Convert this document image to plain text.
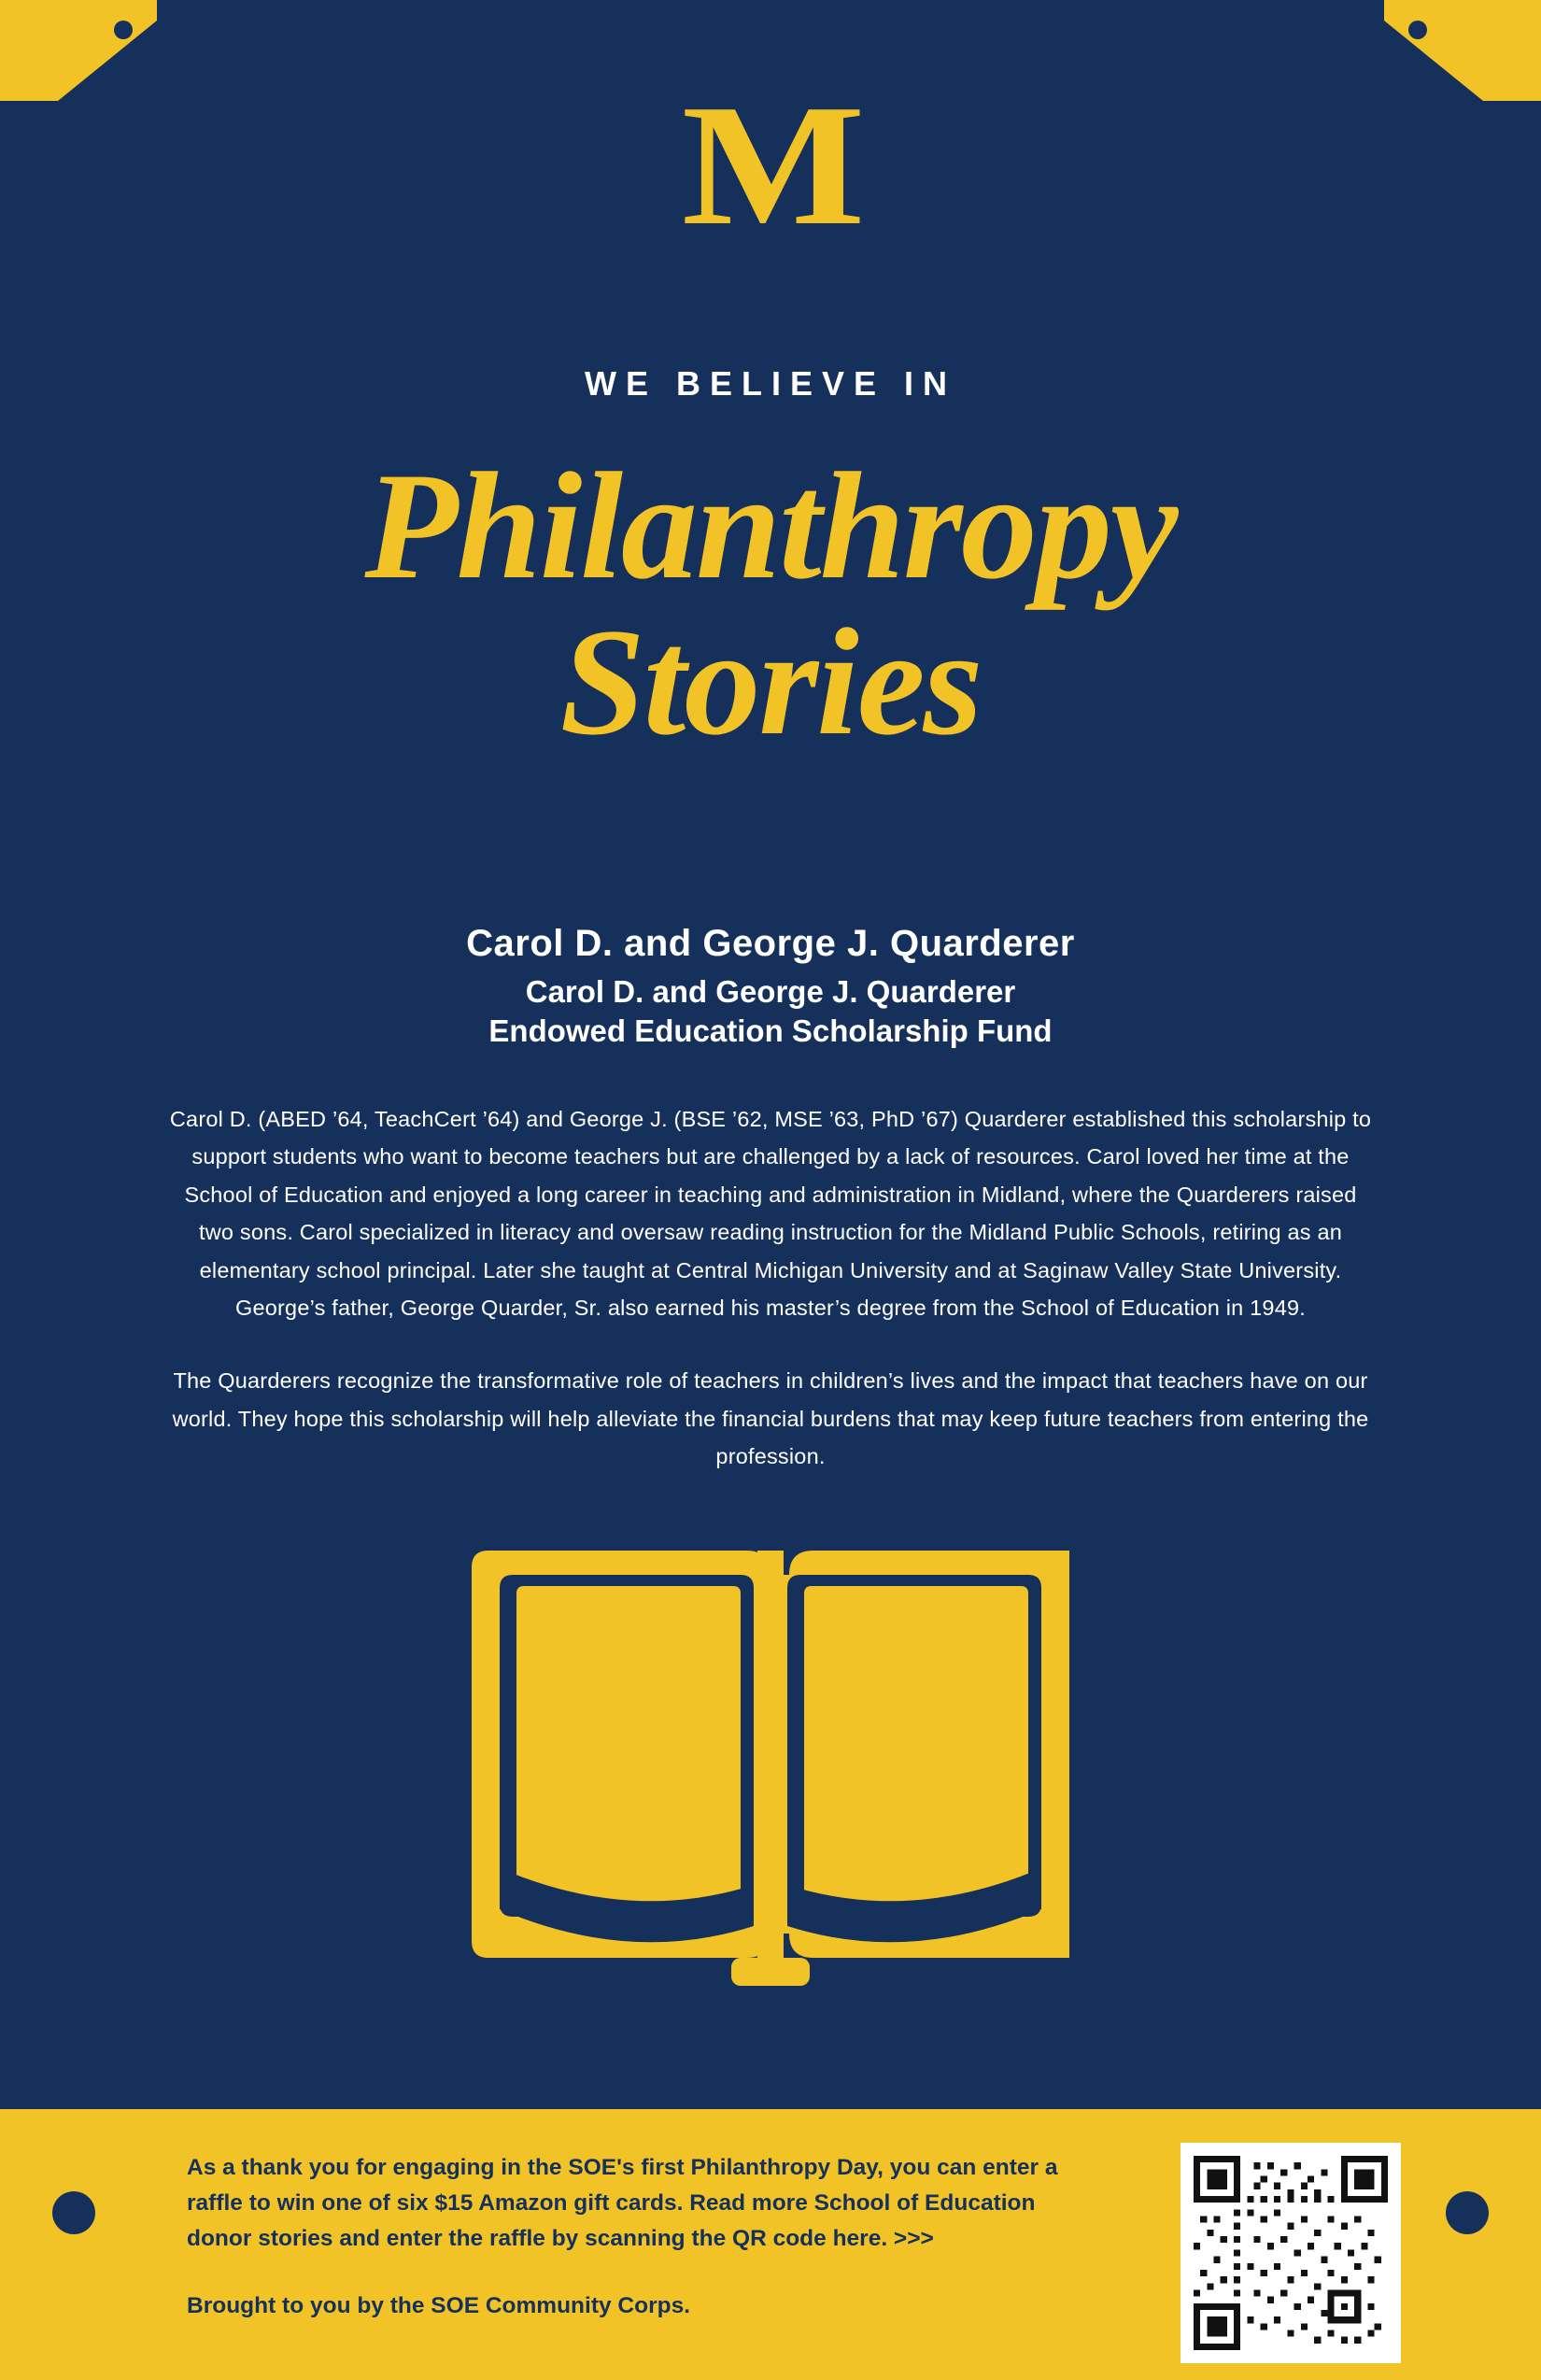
M
WE BELIEVE IN
Philanthropy
Stories
Carol D. and George J. Quarderer
Carol D. and George J. Quarderer
Endowed Education Scholarship Fund

Carol D. (ABED ’64, TeachCert ’64) and George J. (BSE ’62, MSE ’63, PhD ’67) Quarderer established this scholarship to support students who want to become teachers but are challenged by a lack of resources. Carol loved her time at the School of Education and enjoyed a long career in teaching and administration in Midland, where the Quarderers raised two sons. Carol specialized in literacy and oversaw reading instruction for the Midland Public Schools, retiring as an elementary school principal. Later she taught at Central Michigan University and at Saginaw Valley State University. George’s father, George Quarder, Sr. also earned his master’s degree from the School of Education in 1949.

The Quarderers recognize the transformative role of teachers in children’s lives and the impact that teachers have on our world. They hope this scholarship will help alleviate the financial burdens that may keep future teachers from entering the profession.

As a thank you for engaging in the SOE's first Philanthropy Day, you can enter a raffle to win one of six $15 Amazon gift cards. Read more School of Education donor stories and enter the raffle by scanning the QR code here. >>>
Brought to you by the SOE Community Corps.
